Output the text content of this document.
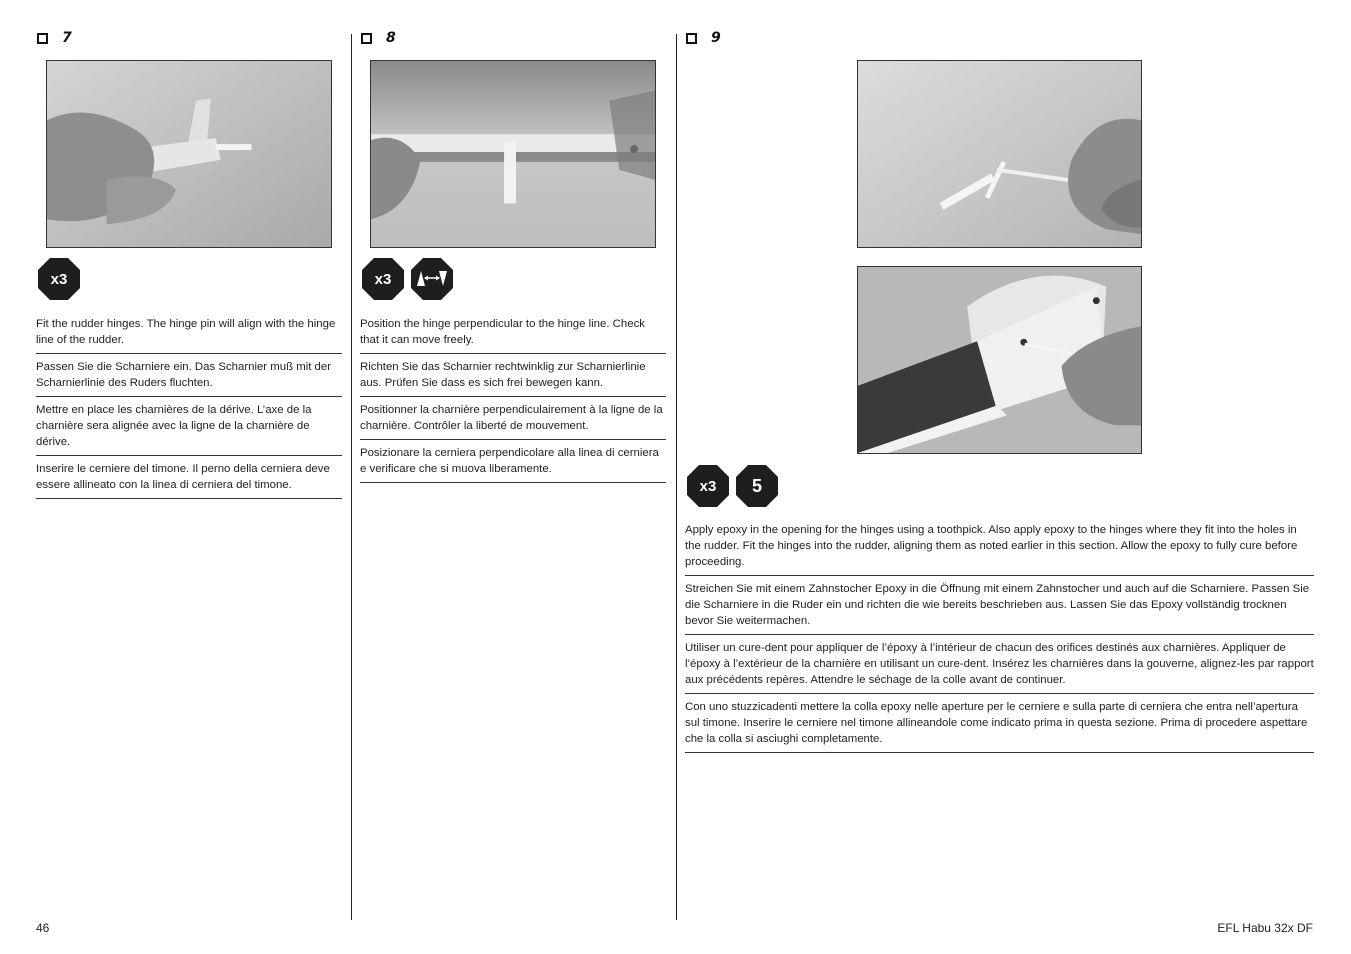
7
x3

Fit the rudder hinges. The hinge pin will align with the hinge line of the rudder.

Passen Sie die Scharniere ein. Das Scharnier muß mit der Scharnierlinie des Ruders fluchten.

Mettre en place les charnières de la dérive. L’axe de la charnière sera alignée avec la ligne de la charnière de dérive.

Inserire le cerniere del timone. Il perno della cerniera deve essere allineato con la linea di cerniera del timone.

8
x3

Position the hinge perpendicular to the hinge line. Check that it can move freely.

Richten Sie das Scharnier rechtwinklig zur Scharnierlinie aus. Prüfen Sie dass es sich frei bewegen kann.

Positionner la charnière perpendiculairement à la ligne de la charnière. Contrôler la liberté de mouvement.

Posizionare la cerniera perpendicolare alla linea di cerniera e verificare che si muova liberamente.

9
x3 5

Apply epoxy in the opening for the hinges using a toothpick. Also apply epoxy to the hinges where they fit into the holes in the rudder. Fit the hinges into the rudder, aligning them as noted earlier in this section. Allow the epoxy to fully cure before proceeding.

Streichen Sie mit einem Zahnstocher Epoxy in die Öffnung mit einem Zahnstocher und auch auf die Scharniere. Passen Sie die Scharniere in die Ruder ein und richten die wie bereits beschrieben aus. Lassen Sie das Epoxy vollständig trocknen bevor Sie weitermachen.

Utiliser un cure-dent pour appliquer de l’époxy à l’intérieur de chacun des orifices destinés aux charnières. Appliquer de l’époxy à l’extérieur de la charnière en utilisant un cure-dent. Insérez les charnières dans la gouverne, alignez-les par rapport aux précédents repères. Attendre le séchage de la colle avant de continuer.

Con uno stuzzicadenti mettere la colla epoxy nelle aperture per le cerniere e sulla parte di cerniera che entra nell’apertura sul timone. Inserire le cerniere nel timone allineandole come indicato prima in questa sezione. Prima di procedere aspettare che la colla si asciughi completamente.

46	EFL Habu 32x DF
